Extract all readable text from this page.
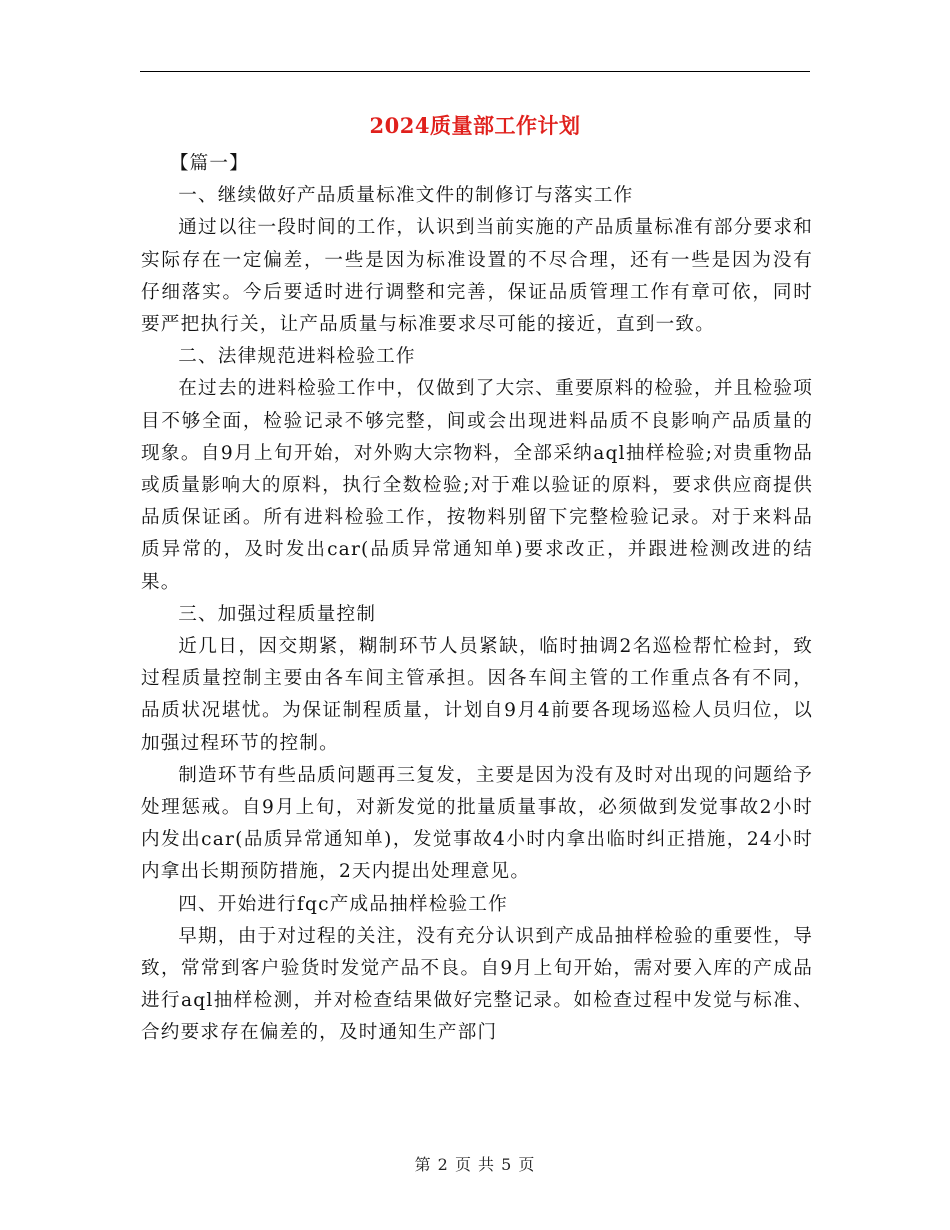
2024质量部工作计划

【篇一】

一、继续做好产品质量标准文件的制修订与落实工作

通过以往一段时间的工作，认识到当前实施的产品质量标准有部分要求和实际存在一定偏差，一些是因为标准设置的不尽合理，还有一些是因为没有仔细落实。今后要适时进行调整和完善，保证品质管理工作有章可依，同时要严把执行关，让产品质量与标准要求尽可能的接近，直到一致。

二、法律规范进料检验工作

在过去的进料检验工作中，仅做到了大宗、重要原料的检验，并且检验项目不够全面，检验记录不够完整，间或会出现进料品质不良影响产品质量的现象。自9月上旬开始，对外购大宗物料，全部采纳aql抽样检验;对贵重物品或质量影响大的原料，执行全数检验;对于难以验证的原料，要求供应商提供品质保证函。所有进料检验工作，按物料别留下完整检验记录。对于来料品质异常的，及时发出car(品质异常通知单)要求改正，并跟进检测改进的结果。

三、加强过程质量控制

近几日，因交期紧，糊制环节人员紧缺，临时抽调2名巡检帮忙检封，致过程质量控制主要由各车间主管承担。因各车间主管的工作重点各有不同，品质状况堪忧。为保证制程质量，计划自9月4前要各现场巡检人员归位，以加强过程环节的控制。

制造环节有些品质问题再三复发，主要是因为没有及时对出现的问题给予处理惩戒。自9月上旬，对新发觉的批量质量事故，必须做到发觉事故2小时内发出car(品质异常通知单)，发觉事故4小时内拿出临时纠正措施，24小时内拿出长期预防措施，2天内提出处理意见。

四、开始进行fqc产成品抽样检验工作

早期，由于对过程的关注，没有充分认识到产成品抽样检验的重要性，导致，常常到客户验货时发觉产品不良。自9月上旬开始，需对要入库的产成品进行aql抽样检测，并对检查结果做好完整记录。如检查过程中发觉与标准、合约要求存在偏差的，及时通知生产部门

第 2 页 共 5 页
